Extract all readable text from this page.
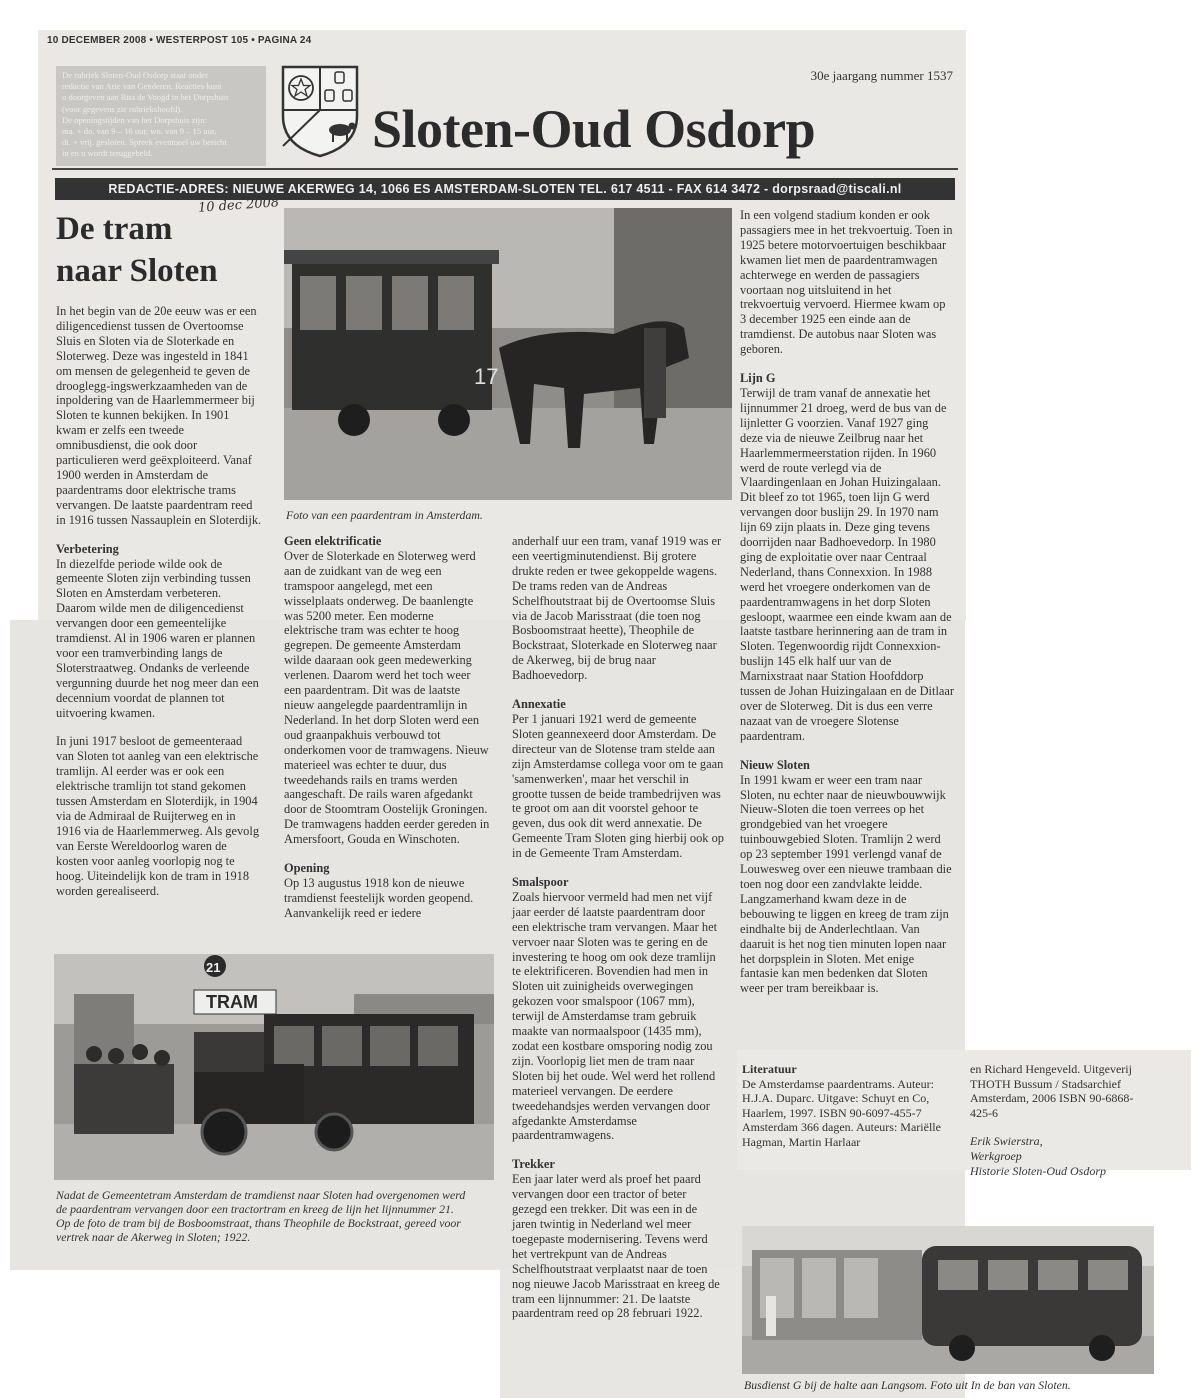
10 DECEMBER 2008 • WESTERPOST 105 • PAGINA 24

De rubriek Sloten-Oud Osdorp staat onder

redactie van Arie van Genderen. Reacties kunt

u doorgeven aan Rita de Voogd in het Dorpshuis

(voor gegevens zie rubriekshoofd).

De openingstijden van het Dorpshuis zijn:

ma. + do. van 9 – 16 uur, wo. van 9 – 15 uur,

di. + vrij. gesloten. Spreek eventueel uw bericht

in en u wordt teruggebeld.

30e jaargang nummer 1537
Sloten-Oud Osdorp
REDACTIE-ADRES: NIEUWE AKERWEG 14, 1066 ES AMSTERDAM-SLOTEN TEL. 617 4511 - FAX 614 3472 - dorpsraad@tiscali.nl
De tram
naar Sloten
10 dec 2008
17
Foto van een paardentram in Amsterdam.

In het begin van de 20e eeuw was er een diligencedienst tussen de Overtoomse Sluis en Sloten via de Sloterkade en Sloterweg. Deze was ingesteld in 1841 om mensen de gelegenheid te geven de drooglegg-ingswerkzaamheden van de inpoldering van de Haarlemmermeer bij Sloten te kunnen bekijken. In 1901 kwam er zelfs een tweede omnibusdienst, die ook door particulieren werd geëxploiteerd. Vanaf 1900 werden in Amsterdam de paardentrams door elektrische trams vervangen. De laatste paardentram reed in 1916 tussen Nassauplein en Sloterdijk.

Verbetering

In diezelfde periode wilde ook de gemeente Sloten zijn verbinding tussen Sloten en Amsterdam verbeteren. Daarom wilde men de diligencedienst vervangen door een gemeentelijke tramdienst. Al in 1906 waren er plannen voor een tramverbinding langs de Sloterstraatweg. Ondanks de verleende vergunning duurde het nog meer dan een decennium voordat de plannen tot uitvoering kwamen.

In juni 1917 besloot de gemeenteraad van Sloten tot aanleg van een elektrische tramlijn. Al eerder was er ook een elektrische tramlijn tot stand gekomen tussen Amsterdam en Sloterdijk, in 1904 via de Admiraal de Ruijterweg en in 1916 via de Haarlemmerweg. Als gevolg van Eerste Wereldoorlog waren de kosten voor aanleg voorlopig nog te hoog. Uiteindelijk kon de tram in 1918 worden gerealiseerd.

Geen elektrificatie

Over de Sloterkade en Sloterweg werd aan de zuidkant van de weg een tramspoor aangelegd, met een wisselplaats onderweg. De baanlengte was 5200 meter. Een moderne elektrische tram was echter te hoog gegrepen. De gemeente Amsterdam wilde daaraan ook geen medewerking verlenen. Daarom werd het toch weer een paardentram. Dit was de laatste nieuw aangelegde paardentramlijn in Nederland. In het dorp Sloten werd een oud graanpakhuis verbouwd tot onderkomen voor de tramwagens. Nieuw materieel was echter te duur, dus tweedehands rails en trams werden aangeschaft. De rails waren afgedankt door de Stoomtram Oostelijk Groningen. De tramwagens hadden eerder gereden in Amersfoort, Gouda en Winschoten.

Opening

Op 13 augustus 1918 kon de nieuwe tramdienst feestelijk worden geopend. Aanvankelijk reed er iedere

anderhalf uur een tram, vanaf 1919 was er een veertigminutendienst. Bij grotere drukte reden er twee gekoppelde wagens. De trams reden van de Andreas Schelfhoutstraat bij de Overtoomse Sluis via de Jacob Marisstraat (die toen nog Bosboomstraat heette), Theophile de Bockstraat, Sloterkade en Sloterweg naar de Akerweg, bij de brug naar Badhoevedorp.

Annexatie

Per 1 januari 1921 werd de gemeente Sloten geannexeerd door Amsterdam. De directeur van de Slotense tram stelde aan zijn Amsterdamse collega voor om te gaan 'samenwerken', maar het verschil in grootte tussen de beide trambedrijven was te groot om aan dit voorstel gehoor te geven, dus ook dit werd annexatie. De Gemeente Tram Sloten ging hierbij ook op in de Gemeente Tram Amsterdam.

Smalspoor

Zoals hiervoor vermeld had men net vijf jaar eerder dé laatste paardentram door een elektrische tram vervangen. Maar het vervoer naar Sloten was te gering en de investering te hoog om ook deze tramlijn te elektrificeren. Bovendien had men in Sloten uit zuinigheids overwegingen gekozen voor smalspoor (1067 mm), terwijl de Amsterdamse tram gebruik maakte van normaalspoor (1435 mm), zodat een kostbare omsporing nodig zou zijn. Voorlopig liet men de tram naar Sloten bij het oude. Wel werd het rollend materieel vervangen. De eerdere tweedehandsjes werden vervangen door afgedankte Amsterdamse paardentramwagens.

Trekker

Een jaar later werd als proef het paard vervangen door een tractor of beter gezegd een trekker. Dit was een in de jaren twintig in Nederland wel meer toegepaste modernisering. Tevens werd het vertrekpunt van de Andreas Schelfhoutstraat verplaatst naar de toen nog nieuwe Jacob Marisstraat en kreeg de tram een lijnnummer: 21. De laatste paardentram reed op 28 februari 1922.

In een volgend stadium konden er ook passagiers mee in het trekvoertuig. Toen in 1925 betere motorvoertuigen beschikbaar kwamen liet men de paardentramwagen achterwege en werden de passagiers voortaan nog uitsluitend in het trekvoertuig vervoerd. Hiermee kwam op 3 december 1925 een einde aan de tramdienst. De autobus naar Sloten was geboren.

Lijn G

Terwijl de tram vanaf de annexatie het lijnnummer 21 droeg, werd de bus van de lijnletter G voorzien. Vanaf 1927 ging deze via de nieuwe Zeilbrug naar het Haarlemmermeerstation rijden. In 1960 werd de route verlegd via de Vlaardingenlaan en Johan Huizingalaan. Dit bleef zo tot 1965, toen lijn G werd vervangen door buslijn 29. In 1970 nam lijn 69 zijn plaats in. Deze ging tevens doorrijden naar Badhoevedorp. In 1980 ging de exploitatie over naar Centraal Nederland, thans Connexxion. In 1988 werd het vroegere onderkomen van de paardentramwagens in het dorp Sloten gesloopt, waarmee een einde kwam aan de laatste tastbare herinnering aan de tram in Sloten. Tegenwoordig rijdt Connexxion-buslijn 145 elk half uur van de Marnixstraat naar Station Hoofddorp tussen de Johan Huizingalaan en de Ditlaar over de Sloterweg. Dit is dus een verre nazaat van de vroegere Slotense paardentram.

Nieuw Sloten

In 1991 kwam er weer een tram naar Sloten, nu echter naar de nieuwbouwwijk Nieuw-Sloten die toen verrees op het grondgebied van het vroegere tuinbouwgebied Sloten. Tramlijn 2 werd op 23 september 1991 verlengd vanaf de Louwesweg over een nieuwe trambaan die toen nog door een zandvlakte leidde. Langzamerhand kwam deze in de bebouwing te liggen en kreeg de tram zijn eindhalte bij de Anderlechtlaan. Van daaruit is het nog tien minuten lopen naar het dorpsplein in Sloten. Met enige fantasie kan men bedenken dat Sloten weer per tram bereikbaar is.

Literatuur
De Amsterdamse paardentrams. Auteur: H.J.A. Duparc. Uitgave: Schuyt en Co, Haarlem, 1997. ISBN 90-6097-455-7 Amsterdam 366 dagen. Auteurs: Mariëlle Hagman, Martin Harlaar
en Richard Hengeveld. Uitgeverij THOTH Bussum / Stadsarchief Amsterdam, 2006 ISBN 90-6868-425-6
Erik Swierstra,
Werkgroep
Historie Sloten-Oud Osdorp
TRAM
21

Nadat de Gemeentetram Amsterdam de tramdienst naar Sloten had overgenomen werd de paardentram vervangen door een tractortram en kreeg de lijn het lijnnummer 21.

Op de foto de tram bij de Bosboomstraat, thans Theophile de Bockstraat, gereed voor vertrek naar de Akerweg in Sloten; 1922.

Busdienst G bij de halte aan Langsom. Foto uit In de ban van Sloten.
